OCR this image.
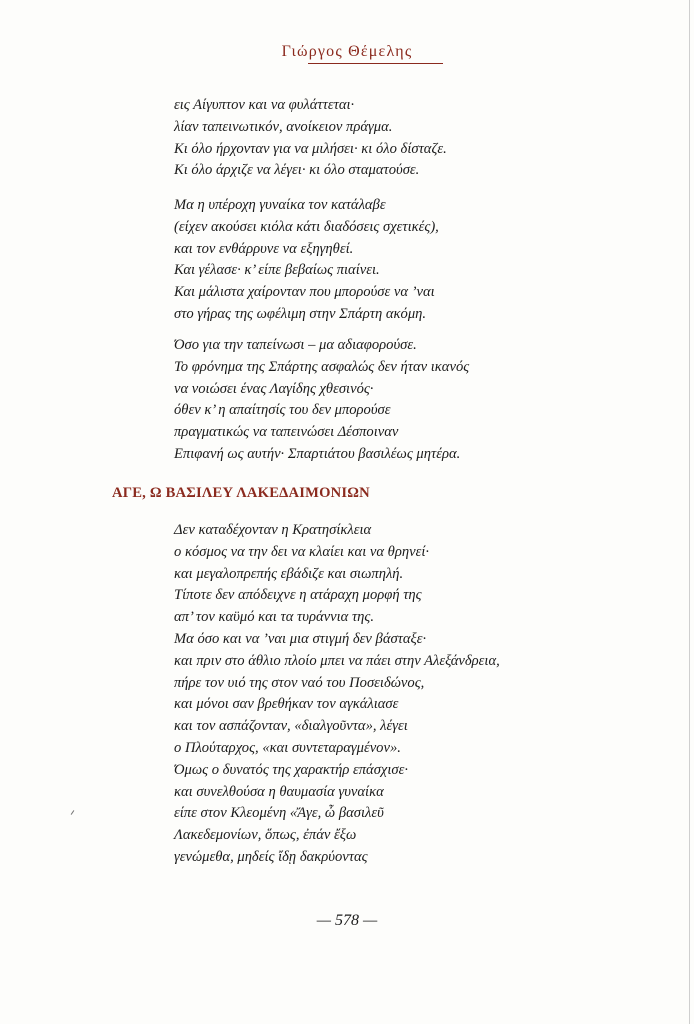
Γιώργος Θέμελης
εις Αίγυπτον και να φυλάττεται·
λίαν ταπεινωτικόν, ανοίκειον πράγμα.
Κι όλο ήρχονταν για να μιλήσει· κι όλο δίσταζε.
Κι όλο άρχιζε να λέγει· κι όλο σταματούσε.
Μα η υπέροχη γυναίκα τον κατάλαβε
(είχεν ακούσει κιόλα κάτι διαδόσεις σχετικές),
και τον ενθάρρυνε να εξηγηθεί.
Και γέλασε· κ’ είπε βεβαίως πιαίνει.
Και μάλιστα χαίρονταν που μπορούσε να ’ναι
στο γήρας της ωφέλιμη στην Σπάρτη ακόμη.
Όσο για την ταπείνωσι – μα αδιαφορούσε.
Το φρόνημα της Σπάρτης ασφαλώς δεν ήταν ικανός
να νοιώσει ένας Λαγίδης χθεσινός·
όθεν κ’ η απαίτησίς του δεν μπορούσε
πραγματικώς να ταπεινώσει Δέσποιναν
Επιφανή ως αυτήν· Σπαρτιάτου βασιλέως μητέρα.
ΑΓΕ, Ω ΒΑΣΙΛΕΥ ΛΑΚΕΔΑΙΜΟΝΙΩΝ
Δεν καταδέχονταν η Κρατησίκλεια
ο κόσμος να την δει να κλαίει και να θρηνεί·
και μεγαλοπρεπής εβάδιζε και σιωπηλή.
Τίποτε δεν απόδειχνε η ατάραχη μορφή της
απ’ τον καϋμό και τα τυράννια της.
Μα όσο και να ’ναι μια στιγμή δεν βάσταξε·
και πριν στο άθλιο πλοίο μπει να πάει στην Αλεξάνδρεια,
πήρε τον υιό της στον ναό του Ποσειδώνος,
και μόνοι σαν βρεθήκαν τον αγκάλιασε
και τον ασπάζονταν, «διαλγοῦντα», λέγει
ο Πλούταρχος, «και συντεταραγμένον».
Όμως ο δυνατός της χαρακτήρ επάσχισε·
και συνελθούσα η θαυμασία γυναίκα
είπε στον Κλεομένη «Ἄγε, ὦ βασιλεῦ
Λακεδεμονίων, ὅπως, ἐπάν ἔξω
γενώμεθα, μηδείς ἴδῃ δακρύοντας
— 578 —
